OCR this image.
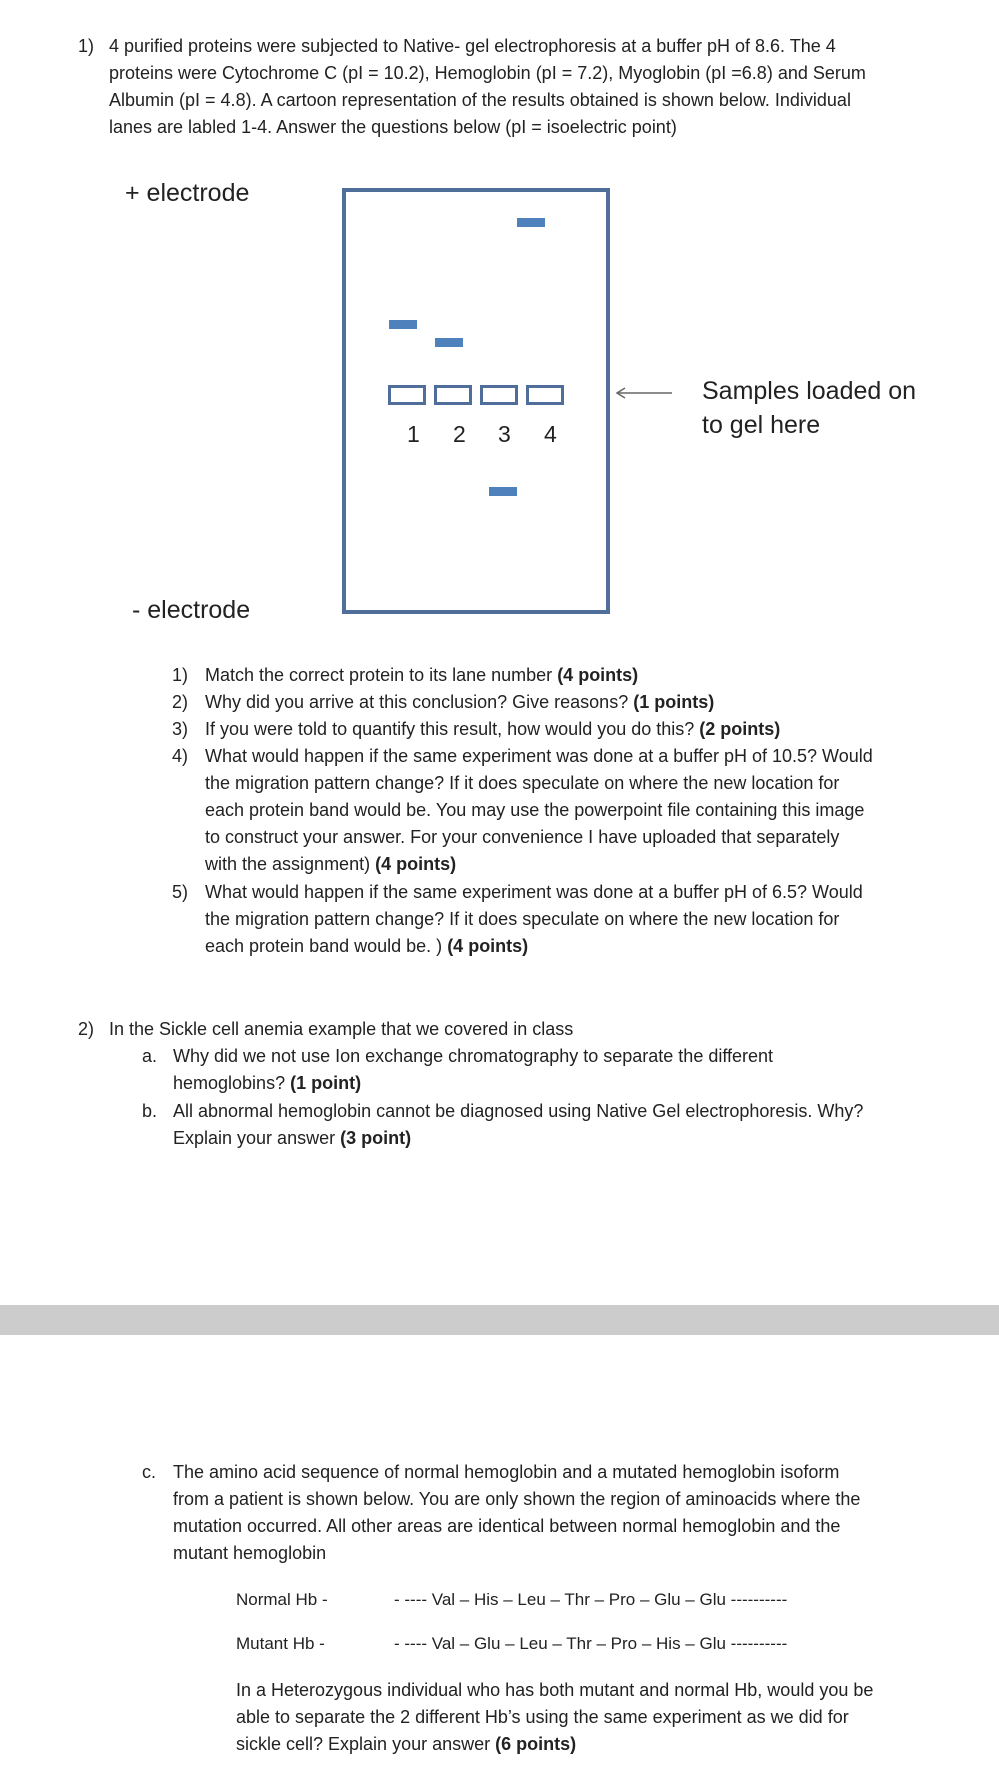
1) 4 purified proteins were subjected to Native- gel electrophoresis at a buffer pH of 8.6. The 4
proteins were Cytochrome C (pI = 10.2), Hemoglobin (pI = 7.2), Myoglobin (pI =6.8) and Serum
Albumin (pI = 4.8). A cartoon representation of the results obtained is shown below. Individual
lanes are labled 1-4. Answer the questions below (pI = isoelectric point)
+ electrode
- electrode
1 2 3 4
Samples loaded on
to gel here
1) Match the correct protein to its lane number (4 points)
2) Why did you arrive at this conclusion? Give reasons? (1 points)
3) If you were told to quantify this result, how would you do this? (2 points)
4) What would happen if the same experiment was done at a buffer pH of 10.5? Would
the migration pattern change? If it does speculate on where the new location for
each protein band would be. You may use the powerpoint file containing this image
to construct your answer. For your convenience I have uploaded that separately
with the assignment) (4 points)
5) What would happen if the same experiment was done at a buffer pH of 6.5? Would
the migration pattern change? If it does speculate on where the new location for
each protein band would be. ) (4 points)
2) In the Sickle cell anemia example that we covered in class
a. Why did we not use Ion exchange chromatography to separate the different
hemoglobins? (1 point)
b. All abnormal hemoglobin cannot be diagnosed using Native Gel electrophoresis. Why?
Explain your answer (3 point)
c. The amino acid sequence of normal hemoglobin and a mutated hemoglobin isoform
from a patient is shown below. You are only shown the region of aminoacids where the
mutation occurred. All other areas are identical between normal hemoglobin and the
mutant hemoglobin
Normal Hb -	- ---- Val – His – Leu – Thr – Pro – Glu – Glu ----------
Mutant Hb -	- ---- Val – Glu – Leu – Thr – Pro – His – Glu ----------
In a Heterozygous individual who has both mutant and normal Hb, would you be
able to separate the 2 different Hb’s using the same experiment as we did for
sickle cell? Explain your answer (6 points)
